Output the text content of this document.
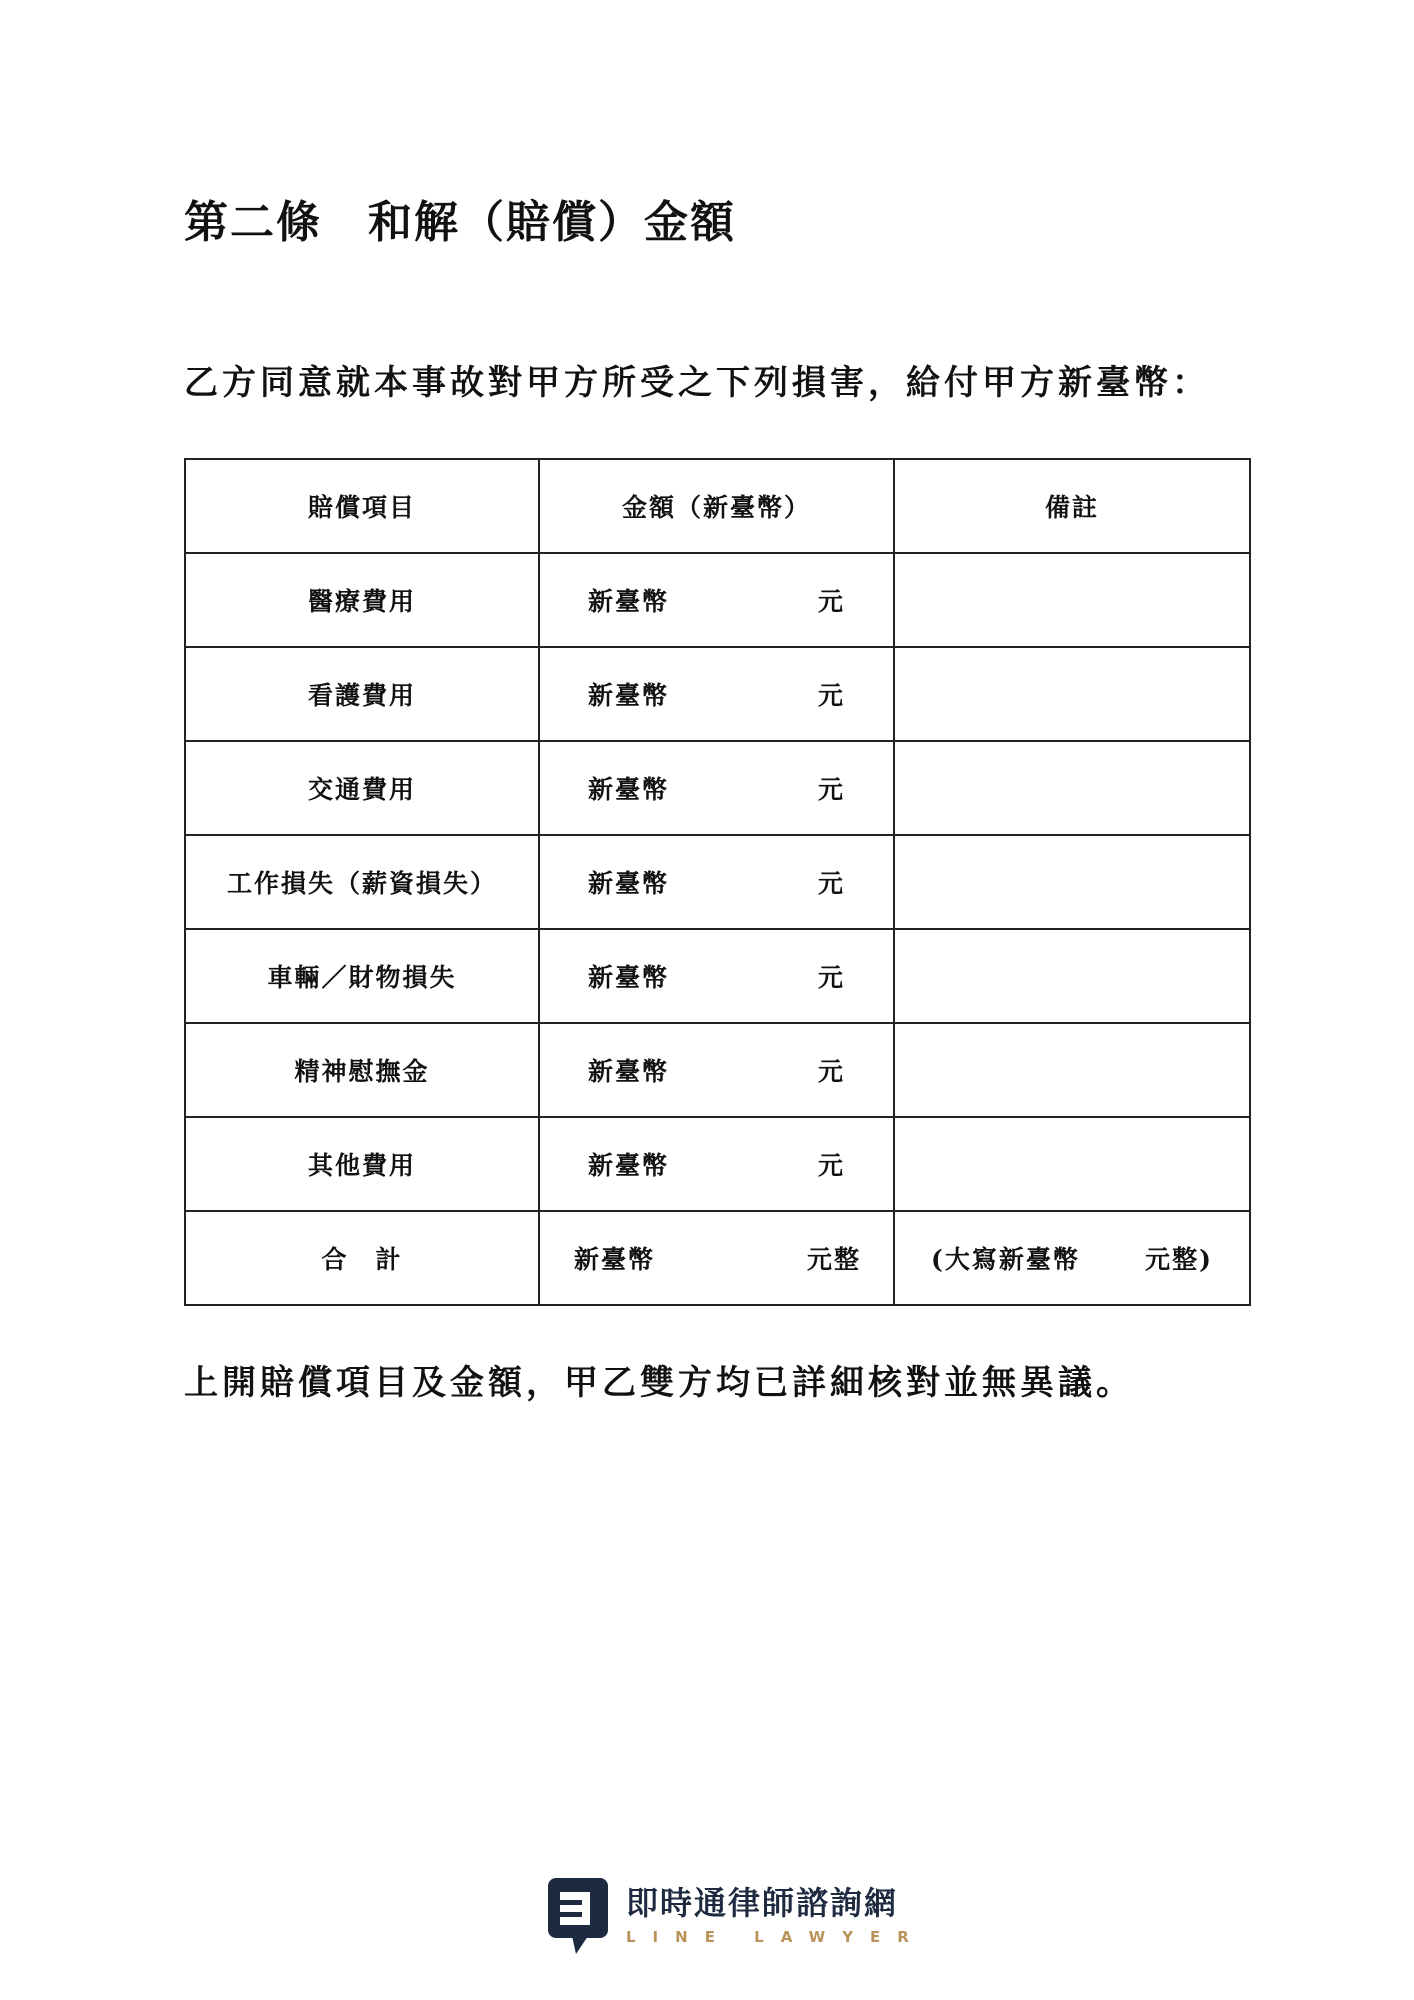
第二條　和解（賠償）金額
乙方同意就本事故對甲方所受之下列損害，給付甲方新臺幣：
賠償項目	金額（新臺幣）	備註
醫療費用	新臺幣 元	

看護費用	新臺幣 元	

交通費用	新臺幣 元	

工作損失（薪資損失）	新臺幣 元	

車輛／財物損失	新臺幣 元	

精神慰撫金	新臺幣 元	

其他費用	新臺幣 元	

合　計	新臺幣 元整	(大寫新臺幣 元整)
上開賠償項目及金額，甲乙雙方均已詳細核對並無異議。
即時通律師諮詢網
LINE LAWYER
